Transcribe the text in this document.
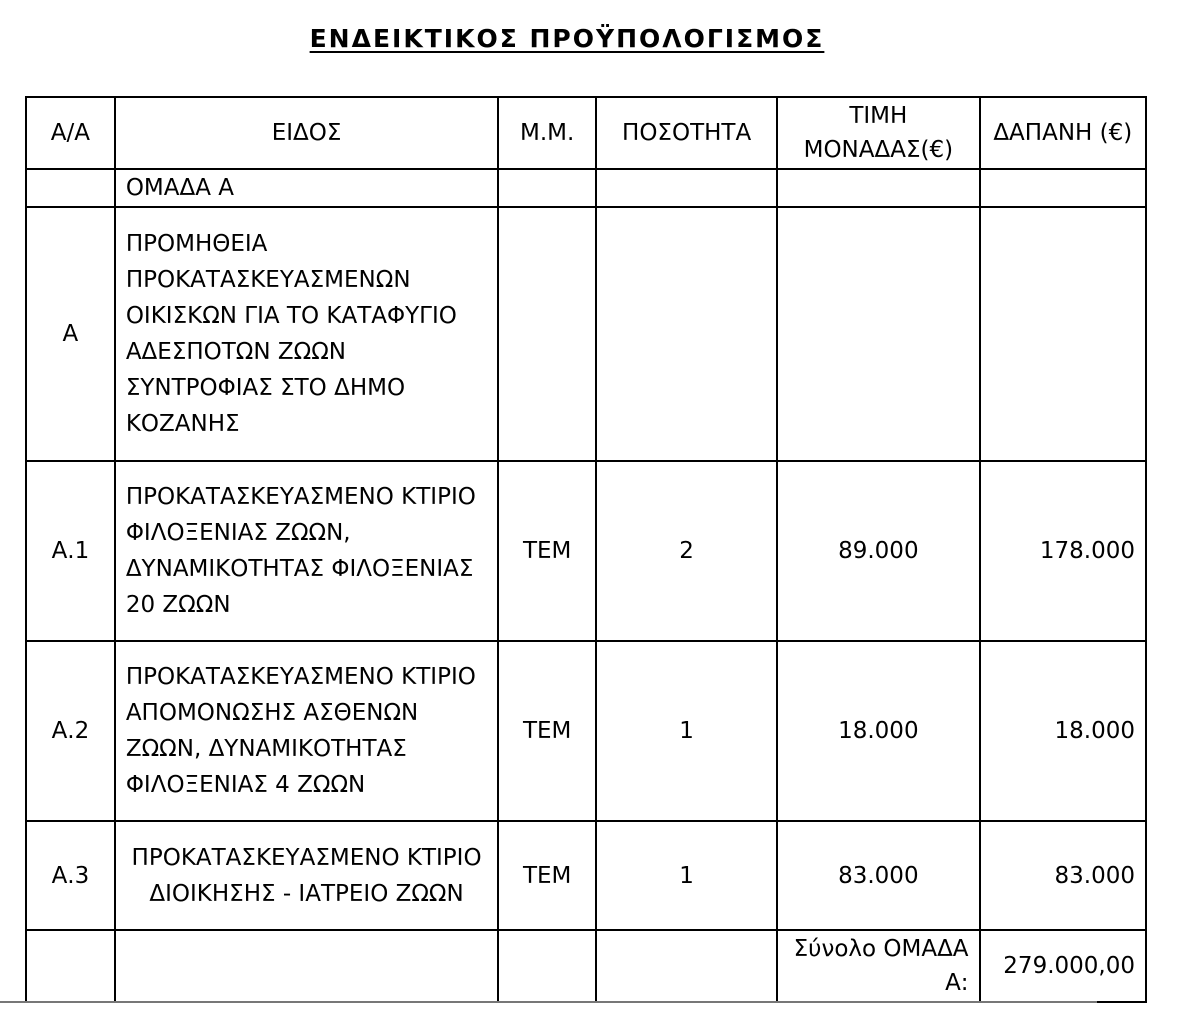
ΕΝΔΕΙΚΤΙΚΟΣ ΠΡΟΫΠΟΛΟΓΙΣΜΟΣ
Α/Α	ΕΙΔΟΣ	Μ.Μ.	ΠΟΣΟΤΗΤΑ	ΤΙΜΗ ΜΟΝΑΔΑΣ(€)	ΔΑΠΑΝΗ (€)
	ΟΜΑΔΑ Α				
Α	ΠΡΟΜΗΘΕΙΑ ΠΡΟΚΑΤΑΣΚΕΥΑΣΜΕΝΩΝ ΟΙΚΙΣΚΩΝ ΓΙΑ ΤΟ ΚΑΤΑΦΥΓΙΟ ΑΔΕΣΠΟΤΩΝ ΖΩΩΝ ΣΥΝΤΡΟΦΙΑΣ ΣΤΟ ΔΗΜΟ ΚΟΖΑΝΗΣ				
Α.1	ΠΡΟΚΑΤΑΣΚΕΥΑΣΜΕΝΟ ΚΤΙΡΙΟ ΦΙΛΟΞΕΝΙΑΣ ΖΩΩΝ, ΔΥΝΑΜΙΚΟΤΗΤΑΣ ΦΙΛΟΞΕΝΙΑΣ 20 ΖΩΩΝ	ΤΕΜ	2	89.000	178.000
Α.2	ΠΡΟΚΑΤΑΣΚΕΥΑΣΜΕΝΟ ΚΤΙΡΙΟ ΑΠΟΜΟΝΩΣΗΣ ΑΣΘΕΝΩΝ ΖΩΩΝ, ΔΥΝΑΜΙΚΟΤΗΤΑΣ ΦΙΛΟΞΕΝΙΑΣ 4 ΖΩΩΝ	ΤΕΜ	1	18.000	18.000
Α.3	ΠΡΟΚΑΤΑΣΚΕΥΑΣΜΕΝΟ ΚΤΙΡΙΟ ΔΙΟΙΚΗΣΗΣ - ΙΑΤΡΕΙΟ ΖΩΩΝ	ΤΕΜ	1	83.000	83.000
				Σύνολο ΟΜΑΔΑ Α:	279.000,00
